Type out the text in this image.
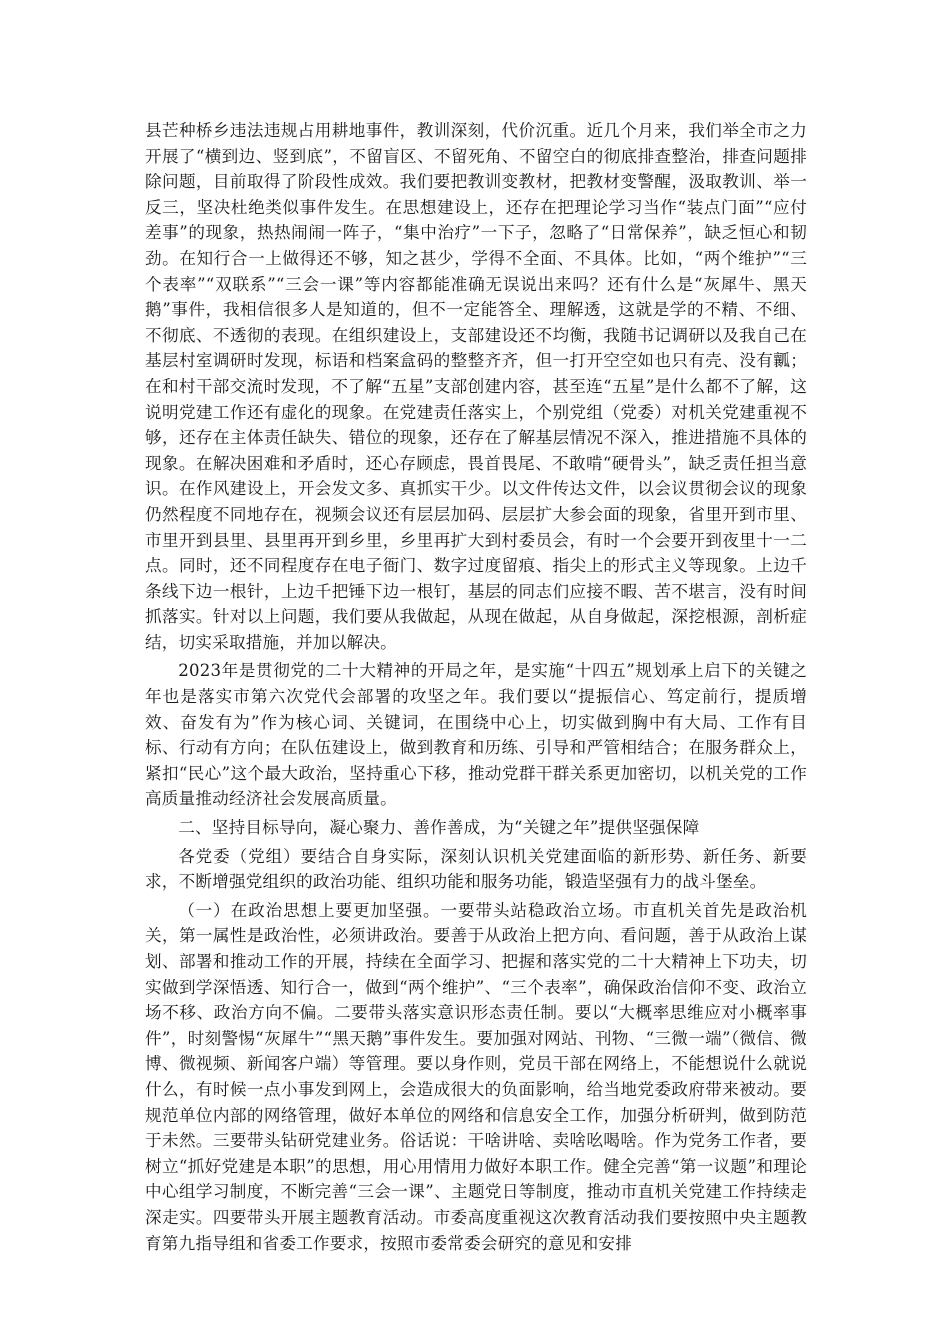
县芒种桥乡违法违规占用耕地事件，教训深刻，代价沉重。近几个月来，我们举全市之力开展了“横到边、竖到底”，不留盲区、不留死角、不留空白的彻底排查整治，排查问题排除问题，目前取得了阶段性成效。我们要把教训变教材，把教材变警醒，汲取教训、举一反三，坚决杜绝类似事件发生。在思想建设上，还存在把理论学习当作“装点门面”“应付差事”的现象，热热闹闹一阵子，“集中治疗”一下子，忽略了“日常保养”，缺乏恒心和韧劲。在知行合一上做得还不够，知之甚少，学得不全面、不具体。比如，“两个维护”“三个表率”“双联系”“三会一课”等内容都能准确无误说出来吗？还有什么是“灰犀牛、黑天鹅”事件，我相信很多人是知道的，但不一定能答全、理解透，这就是学的不精、不细、不彻底、不透彻的表现。在组织建设上，支部建设还不均衡，我随书记调研以及我自己在基层村室调研时发现，标语和档案盒码的整整齐齐，但一打开空空如也只有壳、没有瓤；在和村干部交流时发现，不了解“五星”支部创建内容，甚至连“五星”是什么都不了解，这说明党建工作还有虚化的现象。在党建责任落实上，个别党组（党委）对机关党建重视不够，还存在主体责任缺失、错位的现象，还存在了解基层情况不深入，推进措施不具体的现象。在解决困难和矛盾时，还心存顾虑，畏首畏尾、不敢啃“硬骨头”，缺乏责任担当意识。在作风建设上，开会发文多、真抓实干少。以文件传达文件，以会议贯彻会议的现象仍然程度不同地存在，视频会议还有层层加码、层层扩大参会面的现象，省里开到市里、市里开到县里、县里再开到乡里，乡里再扩大到村委员会，有时一个会要开到夜里十一二点。同时，还不同程度存在电子衙门、数字过度留痕、指尖上的形式主义等现象。上边千条线下边一根针，上边千把锤下边一根钉，基层的同志们应接不暇、苦不堪言，没有时间抓落实。针对以上问题，我们要从我做起，从现在做起，从自身做起，深挖根源，剖析症结，切实采取措施，并加以解决。

2023年是贯彻党的二十大精神的开局之年，是实施“十四五”规划承上启下的关键之年也是落实市第六次党代会部署的攻坚之年。我们要以“提振信心、笃定前行，提质增效、奋发有为”作为核心词、关键词，在围绕中心上，切实做到胸中有大局、工作有目标、行动有方向；在队伍建设上，做到教育和历练、引导和严管相结合；在服务群众上，紧扣“民心”这个最大政治，坚持重心下移，推动党群干群关系更加密切，以机关党的工作高质量推动经济社会发展高质量。

二、坚持目标导向，凝心聚力、善作善成，为“关键之年”提供坚强保障

各党委（党组）要结合自身实际，深刻认识机关党建面临的新形势、新任务、新要求，不断增强党组织的政治功能、组织功能和服务功能，锻造坚强有力的战斗堡垒。

（一）在政治思想上要更加坚强。一要带头站稳政治立场。市直机关首先是政治机关，第一属性是政治性，必须讲政治。要善于从政治上把方向、看问题，善于从政治上谋划、部署和推动工作的开展，持续在全面学习、把握和落实党的二十大精神上下功夫，切实做到学深悟透、知行合一，做到“两个维护”、“三个表率”，确保政治信仰不变、政治立场不移、政治方向不偏。二要带头落实意识形态责任制。要以“大概率思维应对小概率事件”，时刻警惕“灰犀牛”“黑天鹅”事件发生。要加强对网站、刊物、“三微一端”（微信、微博、微视频、新闻客户端）等管理。要以身作则，党员干部在网络上，不能想说什么就说什么，有时候一点小事发到网上，会造成很大的负面影响，给当地党委政府带来被动。要规范单位内部的网络管理，做好本单位的网络和信息安全工作，加强分析研判，做到防范于未然。三要带头钻研党建业务。俗话说：干啥讲啥、卖啥吆喝啥。作为党务工作者，要树立“抓好党建是本职”的思想，用心用情用力做好本职工作。健全完善“第一议题”和理论中心组学习制度，不断完善“三会一课”、主题党日等制度，推动市直机关党建工作持续走深走实。四要带头开展主题教育活动。市委高度重视这次教育活动我们要按照中央主题教育第九指导组和省委工作要求，按照市委常委会研究的意见和安排
